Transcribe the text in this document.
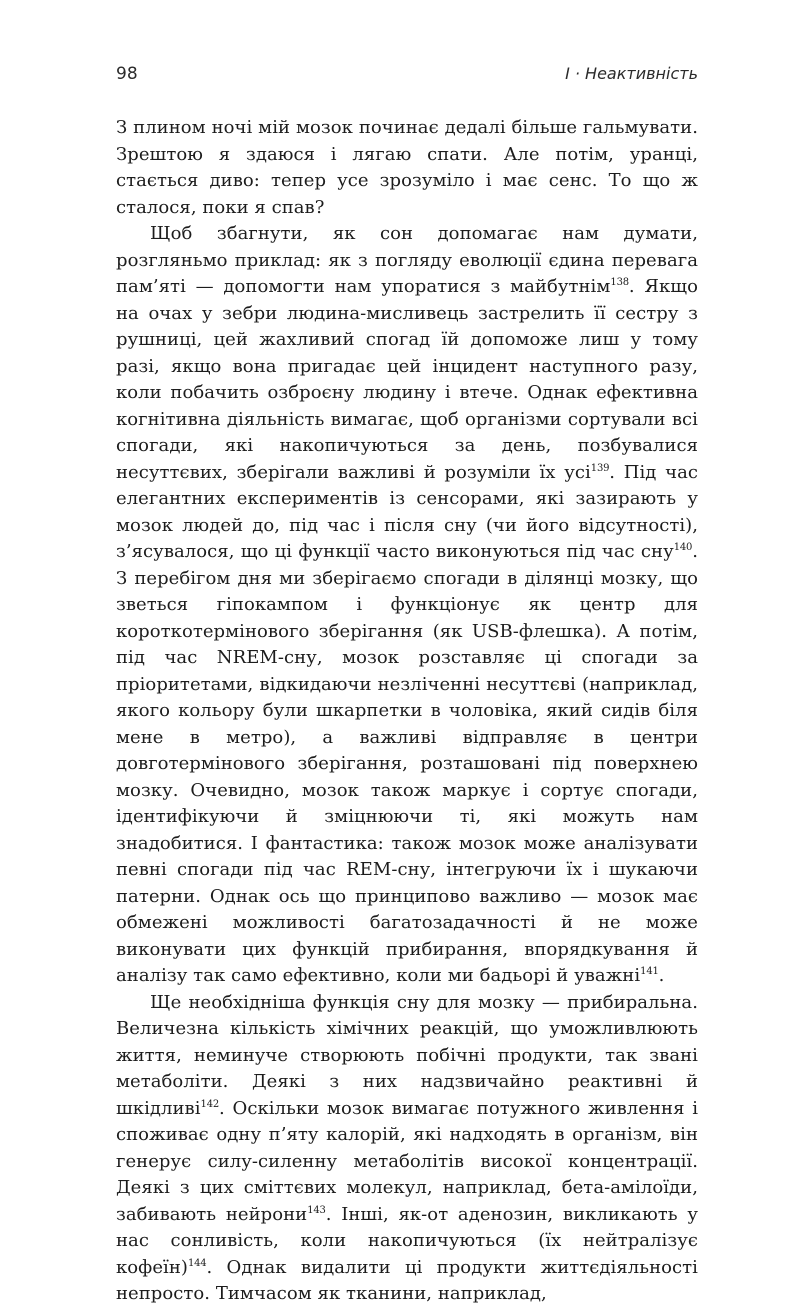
98	I · Неактивність

З плином ночі мій мозок починає дедалі більше гальмувати. Зрештою я здаюся і лягаю спати. Але потім, уранці, стається диво: тепер усе зрозуміло і має сенс. То що ж сталося, поки я спав?

Щоб збагнути, як сон допомагає нам думати, розгляньмо приклад: як з погляду еволюції єдина перевага пам’яті — допомогти нам упоратися з майбутнім$^{138}$. Якщо на очах у зебри людина-мисливець застрелить її сестру з рушниці, цей жахливий спогад їй допоможе лиш у тому разі, якщо вона пригадає цей інцидент наступного разу, коли побачить озброєну людину і втече. Однак ефективна когнітивна діяльність вимагає, щоб організми сортували всі спогади, які накопичуються за день, позбувалися несуттєвих, зберігали важливі й розуміли їх усі$^{139}$. Під час елегантних експериментів із сенсорами, які зазирають у мозок людей до, під час і після сну (чи його відсутності), з’ясувалося, що ці функції часто виконуються під час сну$^{140}$. З перебігом дня ми зберігаємо спогади в ділянці мозку, що зветься гіпокампом і функціонує як центр для короткотермінового зберігання (як USB-флешка). А потім, під час NREM-сну, мозок розставляє ці спогади за пріоритетами, відкидаючи незліченні несуттєві (наприклад, якого кольору були шкарпетки в чоловіка, який сидів біля мене в метро), а важливі відправляє в центри довготермінового зберігання, розташовані під поверхнею мозку. Очевидно, мозок також маркує і сортує спогади, ідентифікуючи й зміцнюючи ті, які можуть нам знадобитися. І фантастика: також мозок може аналізувати певні спогади під час REM-сну, інтегруючи їх і шукаючи патерни. Однак ось що принципово важливо — мозок має обмежені можливості багатозадачності й не може виконувати цих функцій прибирання, впорядкування й аналізу так само ефективно, коли ми бадьорі й уважні$^{141}$.

Ще необхідніша функція сну для мозку — прибиральна. Величезна кількість хімічних реакцій, що уможливлюють життя, неминуче створюють побічні продукти, так звані метаболіти. Деякі з них надзвичайно реактивні й шкідливі$^{142}$. Оскільки мозок вимагає потужного живлення і споживає одну п’яту калорій, які надходять в організм, він генерує силу-силенну метаболітів високої концентрації. Деякі з цих сміттєвих молекул, наприклад, бета-амілоїди, забивають нейрони$^{143}$. Інші, як-от аденозин, викликають у нас сонливість, коли накопичуються (їх нейтралізує кофеїн)$^{144}$. Однак видалити ці продукти життєдіяльності непросто. Тимчасом як тканини, наприклад,
